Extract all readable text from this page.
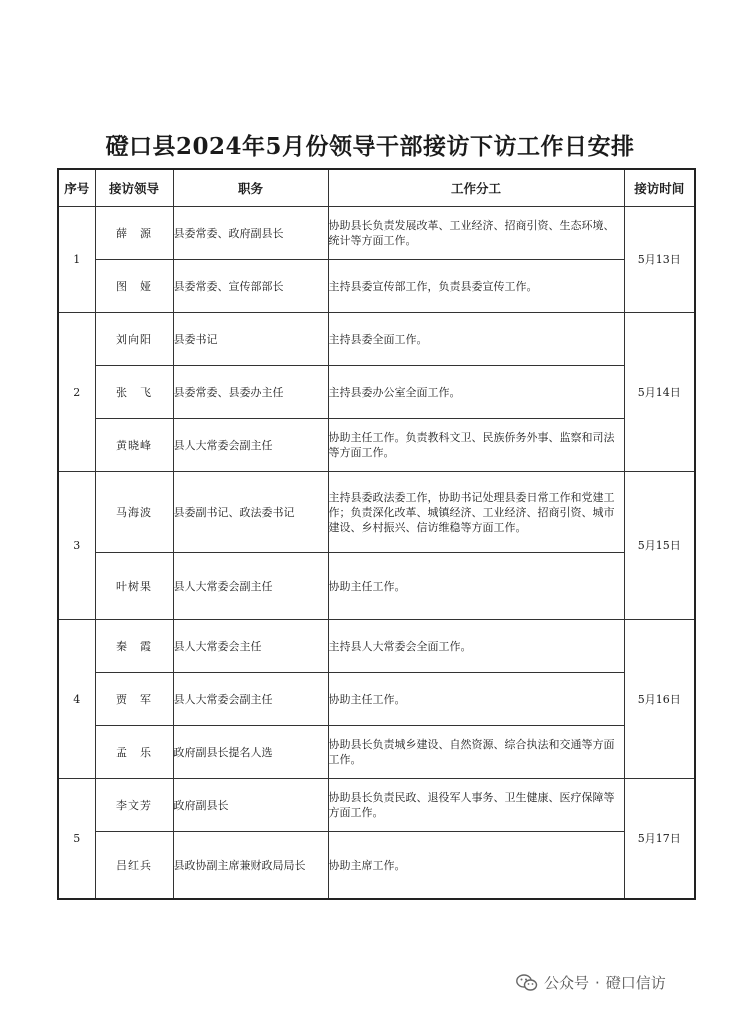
磴口县2024年5月份领导干部接访下访工作日安排
序号	接访领导	职务	工作分工	接访时间
1	薛　源	县委常委、政府副县长	协助县长负责发展改革、工业经济、招商引资、生态环境、统计等方面工作。	5月13日
	图　娅	县委常委、宣传部部长	主持县委宣传部工作，负责县委宣传工作。	
2	刘向阳	县委书记	主持县委全面工作。	5月14日
	张　飞	县委常委、县委办主任	主持县委办公室全面工作。	
	黄晓峰	县人大常委会副主任	协助主任工作。负责教科文卫、民族侨务外事、监察和司法等方面工作。	
3	马海波	县委副书记、政法委书记	主持县委政法委工作，协助书记处理县委日常工作和党建工作；负责深化改革、城镇经济、工业经济、招商引资、城市建设、乡村振兴、信访维稳等方面工作。	5月15日
	叶树果	县人大常委会副主任	协助主任工作。	
4	秦　霞	县人大常委会主任	主持县人大常委会全面工作。	5月16日
	贾　军	县人大常委会副主任	协助主任工作。	
	孟　乐	政府副县长提名人选	协助县长负责城乡建设、自然资源、综合执法和交通等方面工作。	
5	李文芳	政府副县长	协助县长负责民政、退役军人事务、卫生健康、医疗保障等方面工作。	5月17日
	吕红兵	县政协副主席兼财政局局长	协助主席工作。	
公众号 · 磴口信访
